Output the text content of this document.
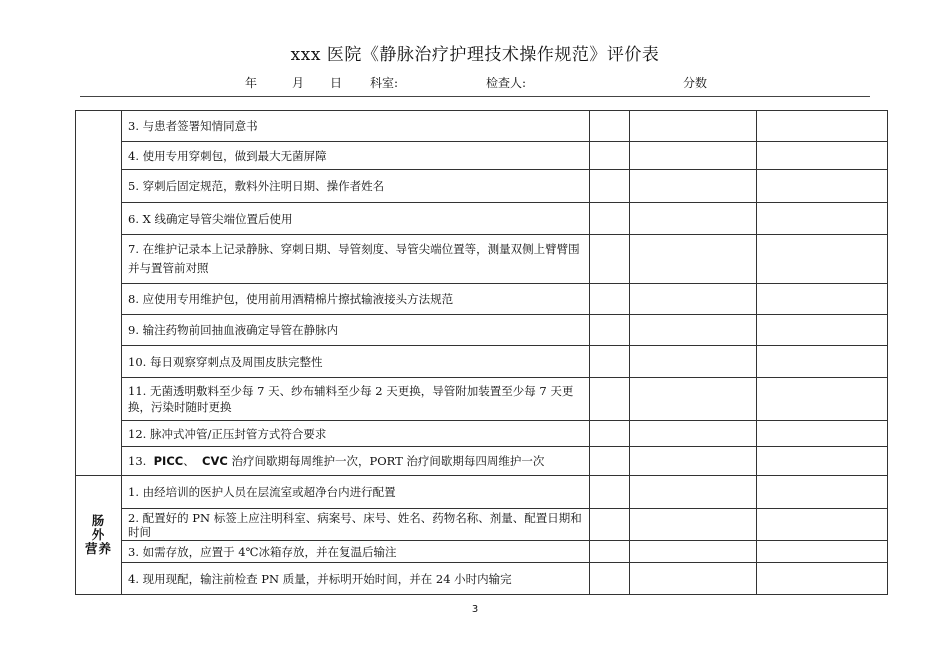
xxx 医院《静脉治疗护理技术操作规范》评价表
年	月 日 科室:	检查人:	分数
	3. 与患者签署知情同意书			
	4. 使用专用穿刺包，做到最大无菌屏障			
	5. 穿刺后固定规范，敷料外注明日期、操作者姓名			
	6. X 线确定导管尖端位置后使用			
	7. 在维护记录本上记录静脉、穿刺日期、导管刻度、导管尖端位置等，测量双侧上臂臂围并与置管前对照			
	8. 应使用专用维护包，使用前用酒精棉片擦拭输液接头方法规范			
	9. 输注药物前回抽血液确定导管在静脉内			
	10. 每日观察穿刺点及周围皮肤完整性			
	11. 无菌透明敷料至少每 7 天、纱布辅料至少每 2 天更换，导管附加装置至少每 7 天更换，污染时随时更换			
	12. 脉冲式冲管/正压封管方式符合要求			
	13. PICC、 CVC 治疗间歇期每周维护一次，PORT 治疗间歇期每四周维护一次			
肠 外 营养	1. 由经培训的医护人员在层流室或超净台内进行配置			
	2. 配置好的 PN 标签上应注明科室、病案号、床号、姓名、药物名称、剂量、配置日期和时间			
	3. 如需存放，应置于 4℃冰箱存放，并在复温后输注			
	4. 现用现配，输注前检查 PN 质量，并标明开始时间，并在 24 小时内输完			
3
